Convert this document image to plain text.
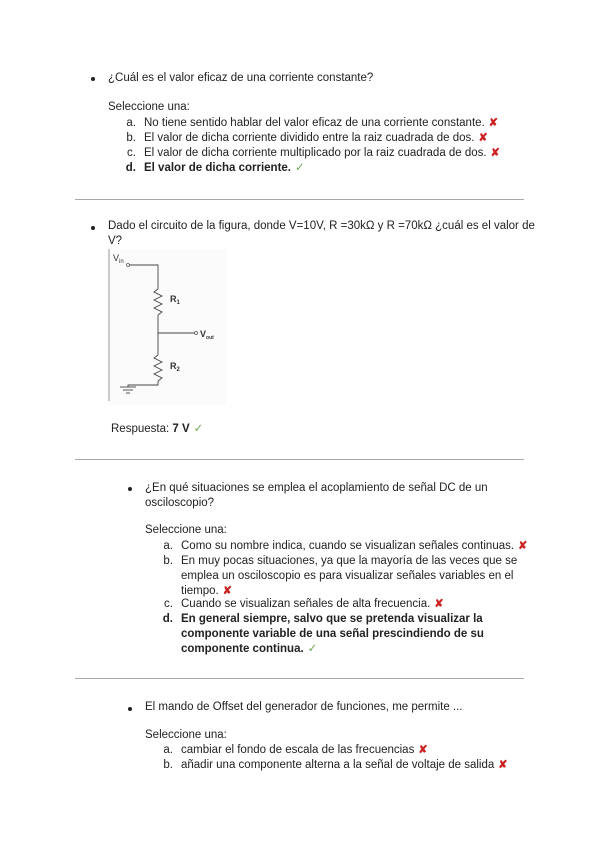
¿Cuál es el valor eficaz de una corriente constante?
Seleccione una:
a. No tiene sentido hablar del valor eficaz de una corriente constante. ✘
b. El valor de dicha corriente dividido entre la raiz cuadrada de dos. ✘
c. El valor de dicha corriente multiplicado por la raiz cuadrada de dos. ✘
d. El valor de dicha corriente. ✓
Dado el circuito de la figura, donde V=10V, R =30kΩ y R =70kΩ ¿cuál es el valor de
V?
$V_{in}$
$R_1$
$V_{out}$
$R_2$
Respuesta: 7 V ✓
¿En qué situaciones se emplea el acoplamiento de señal DC de un
osciloscopio?
Seleccione una:
a. Como su nombre indica, cuando se visualizan señales continuas. ✘
b. En muy pocas situaciones, ya que la mayoría de las veces que se
emplea un osciloscopio es para visualizar señales variables en el
tiempo. ✘
c. Cuando se visualizan señales de alta frecuencia. ✘
d. En general siempre, salvo que se pretenda visualizar la
componente variable de una señal prescindiendo de su
componente continua. ✓
El mando de Offset del generador de funciones, me permite ...
Seleccione una:
a. cambiar el fondo de escala de las frecuencias ✘
b. añadir una componente alterna a la señal de voltaje de salida ✘
